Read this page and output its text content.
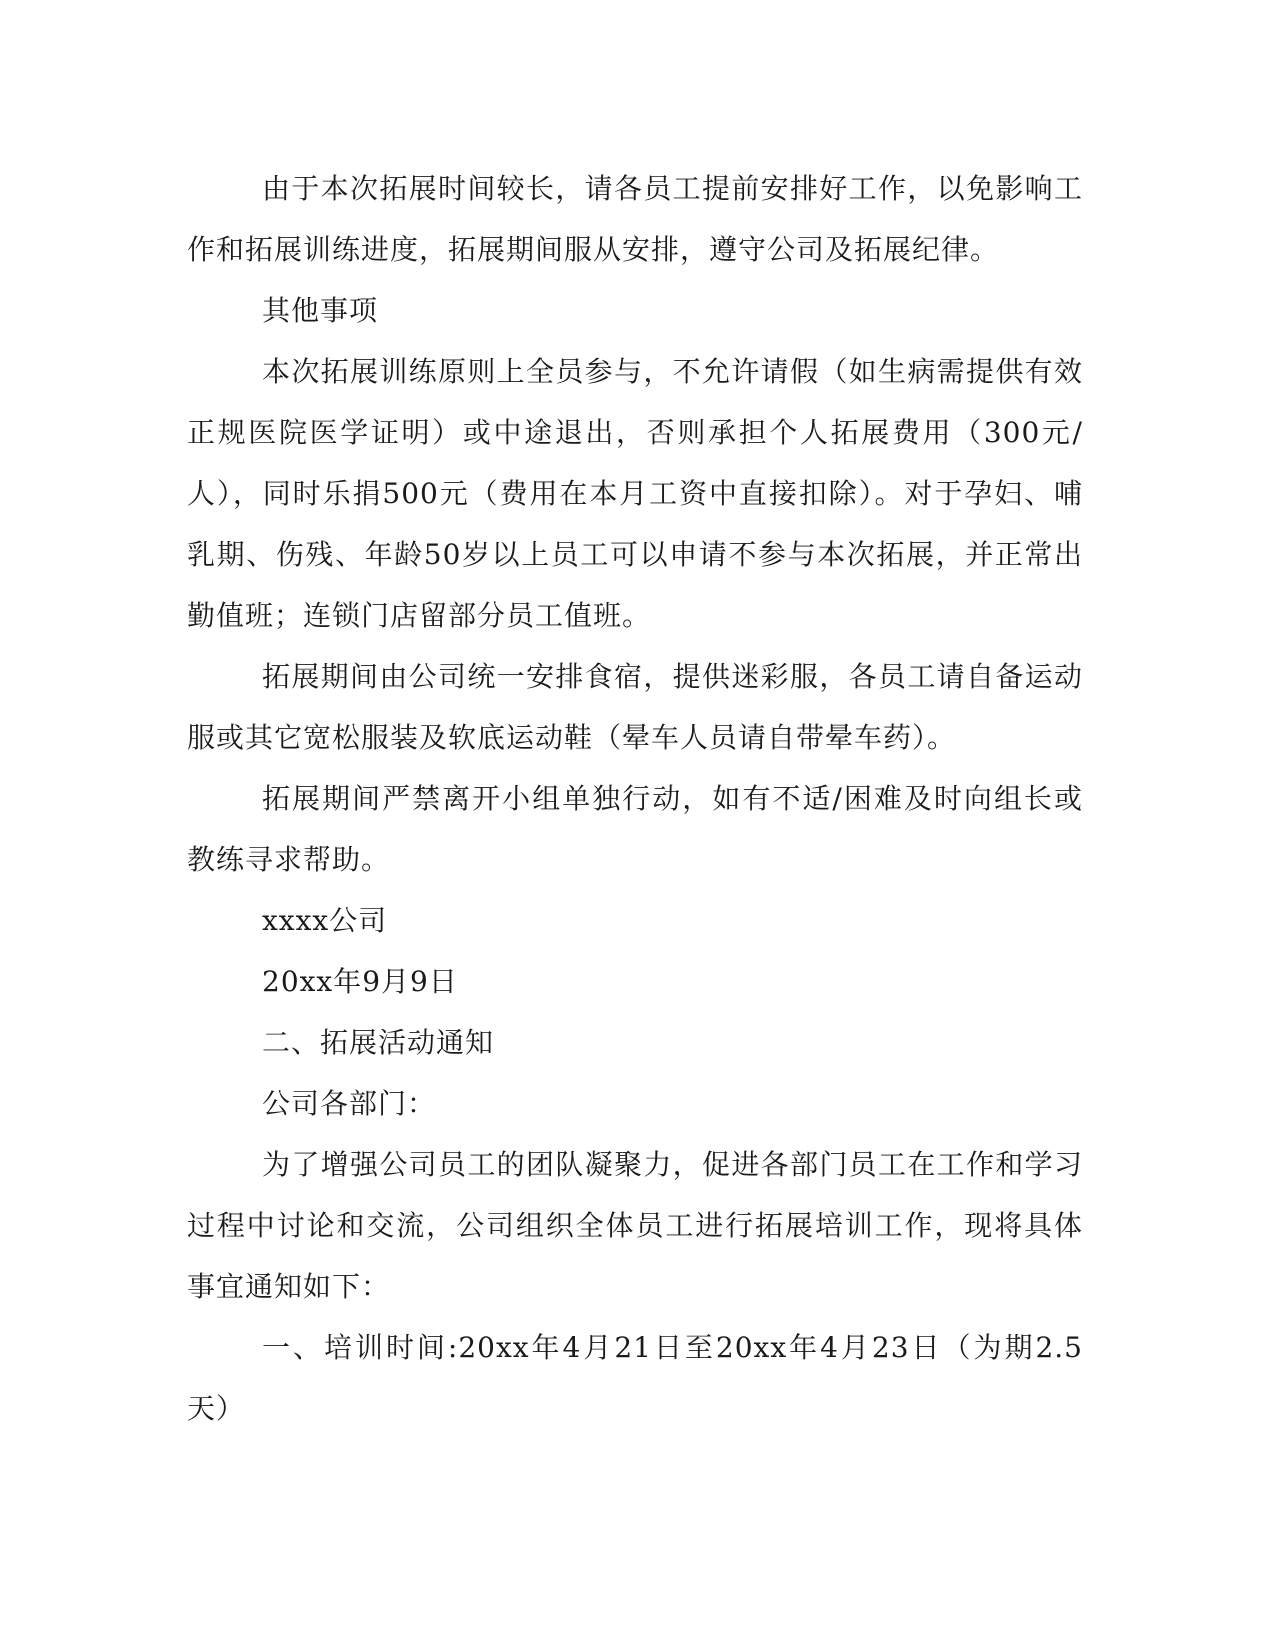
由于本次拓展时间较长，请各员工提前安排好工作，以免影响工作和拓展训练进度，拓展期间服从安排，遵守公司及拓展纪律。

其他事项

本次拓展训练原则上全员参与，不允许请假（如生病需提供有效正规医院医学证明）或中途退出，否则承担个人拓展费用（300元/人），同时乐捐500元（费用在本月工资中直接扣除）。对于孕妇、哺乳期、伤残、年龄50岁以上员工可以申请不参与本次拓展，并正常出勤值班；连锁门店留部分员工值班。

拓展期间由公司统一安排食宿，提供迷彩服，各员工请自备运动服或其它宽松服装及软底运动鞋（晕车人员请自带晕车药）。

拓展期间严禁离开小组单独行动，如有不适/困难及时向组长或教练寻求帮助。

xxxx公司

20xx年9月9日

二、拓展活动通知

公司各部门：

为了增强公司员工的团队凝聚力，促进各部门员工在工作和学习过程中讨论和交流，公司组织全体员工进行拓展培训工作，现将具体事宜通知如下：

一、培训时间:20xx年4月21日至20xx年4月23日（为期2.5天）
